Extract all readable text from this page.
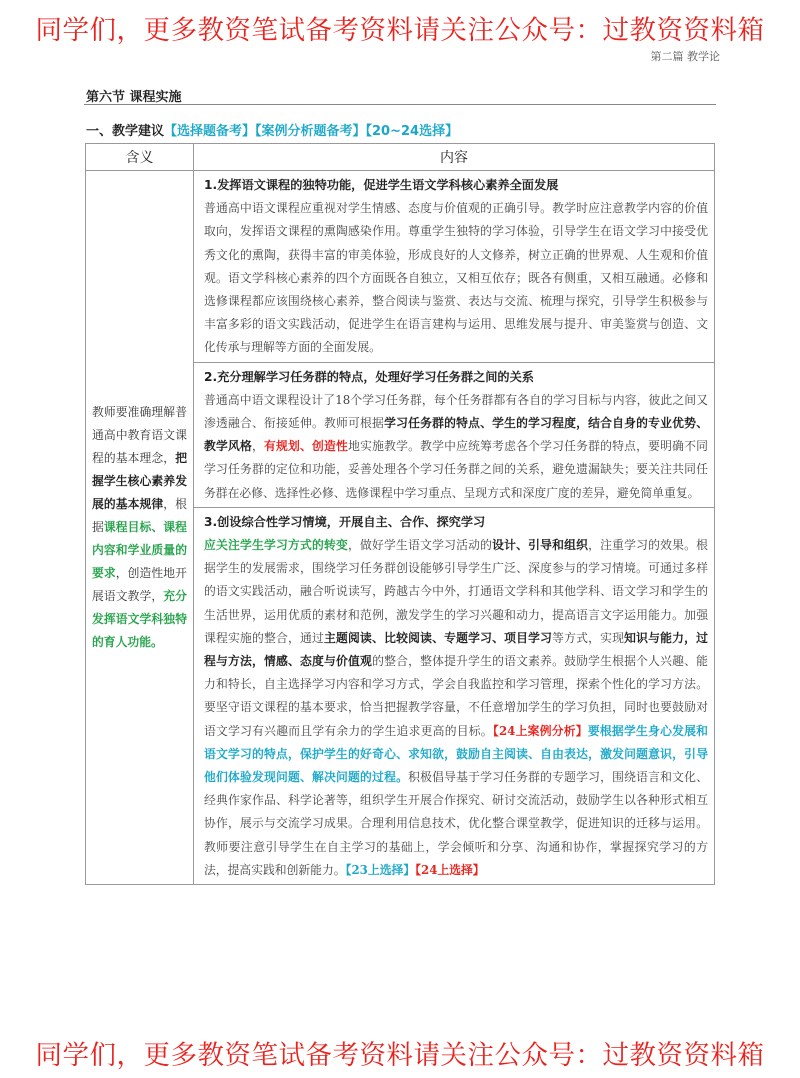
同学们，更多教资笔试备考资料请关注公众号：过教资资料箱
第二篇 教学论
第六节 课程实施
一、教学建议【选择题备考】【案例分析题备考】【20~24选择】
含义	内容
教师要准确理解普通高中教育语文课程的基本理念，把握学生核心素养发展的基本规律，根据课程目标、课程内容和学业质量的要求，创造性地开展语文教学，充分发挥语文学科独特的育人功能。	1.发挥语文课程的独特功能，促进学生语文学科核心素养全面发展

普通高中语文课程应重视对学生情感、态度与价值观的正确引导。教学时应注意教学内容的价值取向，发挥语文课程的熏陶感染作用。尊重学生独特的学习体验，引导学生在语文学习中接受优秀文化的熏陶，获得丰富的审美体验，形成良好的人文修养，树立正确的世界观、人生观和价值观。语文学科核心素养的四个方面既各自独立，又相互依存；既各有侧重，又相互融通。必修和选修课程都应该围绕核心素养，整合阅读与鉴赏、表达与交流、梳理与探究，引导学生积极参与丰富多彩的语文实践活动，促进学生在语言建构与运用、思维发展与提升、审美鉴赏与创造、文化传承与理解等方面的全面发展。

	2.充分理解学习任务群的特点，处理好学习任务群之间的关系

普通高中语文课程设计了18个学习任务群，每个任务群都有各自的学习目标与内容，彼此之间又渗透融合、衔接延伸。教师可根据学习任务群的特点、学生的学习程度，结合自身的专业优势、教学风格，有规划、创造性地实施教学。教学中应统筹考虑各个学习任务群的特点，要明确不同学习任务群的定位和功能，妥善处理各个学习任务群之间的关系，避免遗漏缺失；要关注共同任务群在必修、选择性必修、选修课程中学习重点、呈现方式和深度广度的差异，避免简单重复。

	3.创设综合性学习情境，开展自主、合作、探究学习

应关注学生学习方式的转变，做好学生语文学习活动的设计、引导和组织，注重学习的效果。根据学生的发展需求，围绕学习任务群创设能够引导学生广泛、深度参与的学习情境。可通过多样的语文实践活动，融合听说读写，跨越古今中外，打通语文学科和其他学科、语文学习和学生的生活世界，运用优质的素材和范例，激发学生的学习兴趣和动力，提高语言文字运用能力。加强课程实施的整合，通过主题阅读、比较阅读、专题学习、项目学习等方式，实现知识与能力，过程与方法，情感、态度与价值观的整合，整体提升学生的语文素养。鼓励学生根据个人兴趣、能力和特长，自主选择学习内容和学习方式，学会自我监控和学习管理，探索个性化的学习方法。要坚守语文课程的基本要求，恰当把握教学容量，不任意增加学生的学习负担，同时也要鼓励对语文学习有兴趣而且学有余力的学生追求更高的目标。【24上案例分析】要根据学生身心发展和语文学习的特点，保护学生的好奇心、求知欲，鼓励自主阅读、自由表达，激发问题意识，引导他们体验发现问题、解决问题的过程。积极倡导基于学习任务群的专题学习，围绕语言和文化、经典作家作品、科学论著等，组织学生开展合作探究、研讨交流活动，鼓励学生以各种形式相互协作，展示与交流学习成果。合理利用信息技术，优化整合课堂教学，促进知识的迁移与运用。教师要注意引导学生在自主学习的基础上，学会倾听和分享、沟通和协作，掌握探究学习的方法，提高实践和创新能力。【23上选择】【24上选择】

同学们，更多教资笔试备考资料请关注公众号：过教资资料箱
